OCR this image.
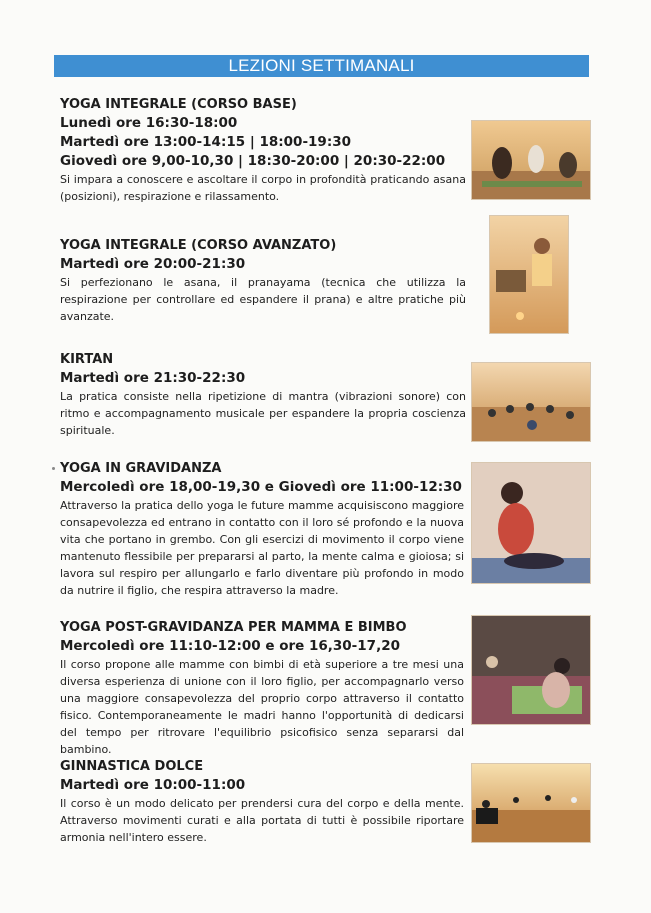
LEZIONI SETTIMANALI

YOGA INTEGRALE (CORSO BASE)

Lunedì ore 16:30-18:00

Martedì ore 13:00-14:15 | 18:00-19:30

Giovedì ore 9,00-10,30 | 18:30-20:00 | 20:30-22:00

Si impara a conoscere e ascoltare il corpo in profondità praticando asana (posizioni), respirazione e rilassamento.

YOGA INTEGRALE (CORSO AVANZATO)

Martedì ore 20:00-21:30

Si perfezionano le asana, il pranayama (tecnica che utilizza la respirazione per controllare ed espandere il prana) e altre pratiche più avanzate.

KIRTAN

Martedì ore 21:30-22:30

La pratica consiste nella ripetizione di mantra (vibrazioni sonore) con ritmo e accompagnamento musicale per espandere la propria coscienza spirituale.

YOGA IN GRAVIDANZA

Mercoledì ore 18,00-19,30 e Giovedì ore 11:00-12:30

Attraverso la pratica dello yoga le future mamme acquisiscono maggiore consapevolezza ed entrano in contatto con il loro sé profondo e la nuova vita che portano in grembo. Con gli esercizi di movimento il corpo viene mantenuto flessibile per prepararsi al parto, la mente calma e gioiosa; si lavora sul respiro per allungarlo e farlo diventare più profondo in modo da nutrire il figlio, che respira attraverso la madre.

YOGA POST-GRAVIDANZA PER MAMMA E BIMBO

Mercoledì ore 11:10-12:00 e ore 16,30-17,20

Il corso propone alle mamme con bimbi di età superiore a tre mesi una diversa esperienza di unione con il loro figlio, per accompagnarlo verso una maggiore consapevolezza del proprio corpo attraverso il contatto fisico. Contemporaneamente le madri hanno l'opportunità di dedicarsi del tempo per ritrovare l'equilibrio psicofisico senza separarsi dal bambino.

GINNASTICA DOLCE

Martedì ore 10:00-11:00

Il corso è un modo delicato per prendersi cura del corpo e della mente. Attraverso movimenti curati e alla portata di tutti è possibile riportare armonia nell'intero essere.
